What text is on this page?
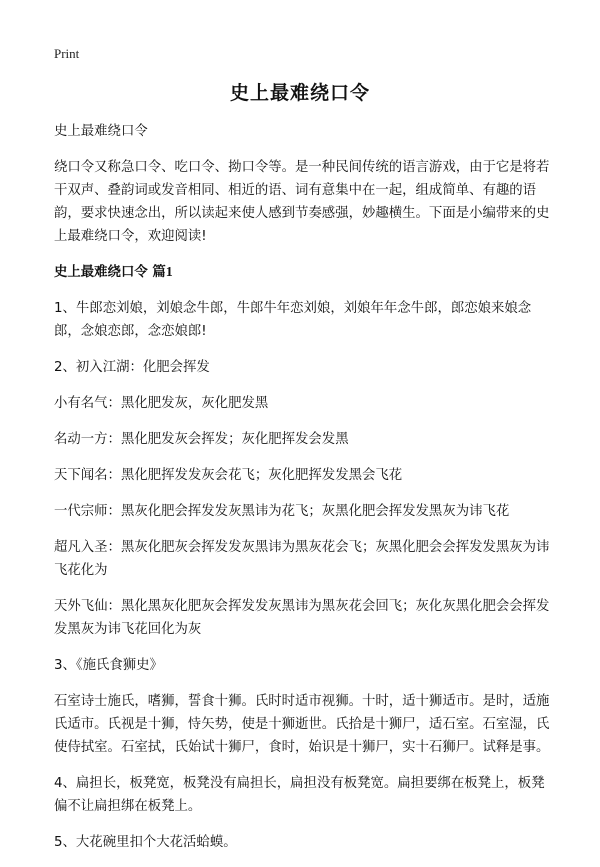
Print
史上最难绕口令

史上最难绕口令

绕口令又称急口令、吃口令、拗口令等。是一种民间传统的语言游戏，由于它是将若干双声、叠韵词或发音相同、相近的语、词有意集中在一起，组成简单、有趣的语韵，要求快速念出，所以读起来使人感到节奏感强，妙趣横生。下面是小编带来的史上最难绕口令，欢迎阅读!

史上最难绕口令 篇1

1、牛郎恋刘娘，刘娘念牛郎，牛郎牛年恋刘娘，刘娘年年念牛郎，郎恋娘来娘念郎，念娘恋郎，念恋娘郎!

2、初入江湖：化肥会挥发

小有名气：黑化肥发灰，灰化肥发黑

名动一方：黑化肥发灰会挥发；灰化肥挥发会发黑

天下闻名：黑化肥挥发发灰会花飞；灰化肥挥发发黑会飞花

一代宗师：黑灰化肥会挥发发灰黑讳为花飞；灰黑化肥会挥发发黑灰为讳飞花

超凡入圣：黑灰化肥灰会挥发发灰黑讳为黑灰花会飞；灰黑化肥会会挥发发黑灰为讳飞花化为

天外飞仙：黑化黑灰化肥灰会挥发发灰黑讳为黑灰花会回飞；灰化灰黑化肥会会挥发发黑灰为讳飞花回化为灰

3、《施氏食狮史》

石室诗士施氏，嗜狮，誓食十狮。氏时时适市视狮。十时，适十狮适市。是时，适施氏适市。氏视是十狮，恃矢势，使是十狮逝世。氏拾是十狮尸，适石室。石室湿，氏使侍拭室。石室拭，氏始试十狮尸，食时，始识是十狮尸，实十石狮尸。试释是事。

4、扁担长，板凳宽，板凳没有扁担长，扁担没有板凳宽。扁担要绑在板凳上，板凳偏不让扁担绑在板凳上。

5、大花碗里扣个大花活蛤蟆。
